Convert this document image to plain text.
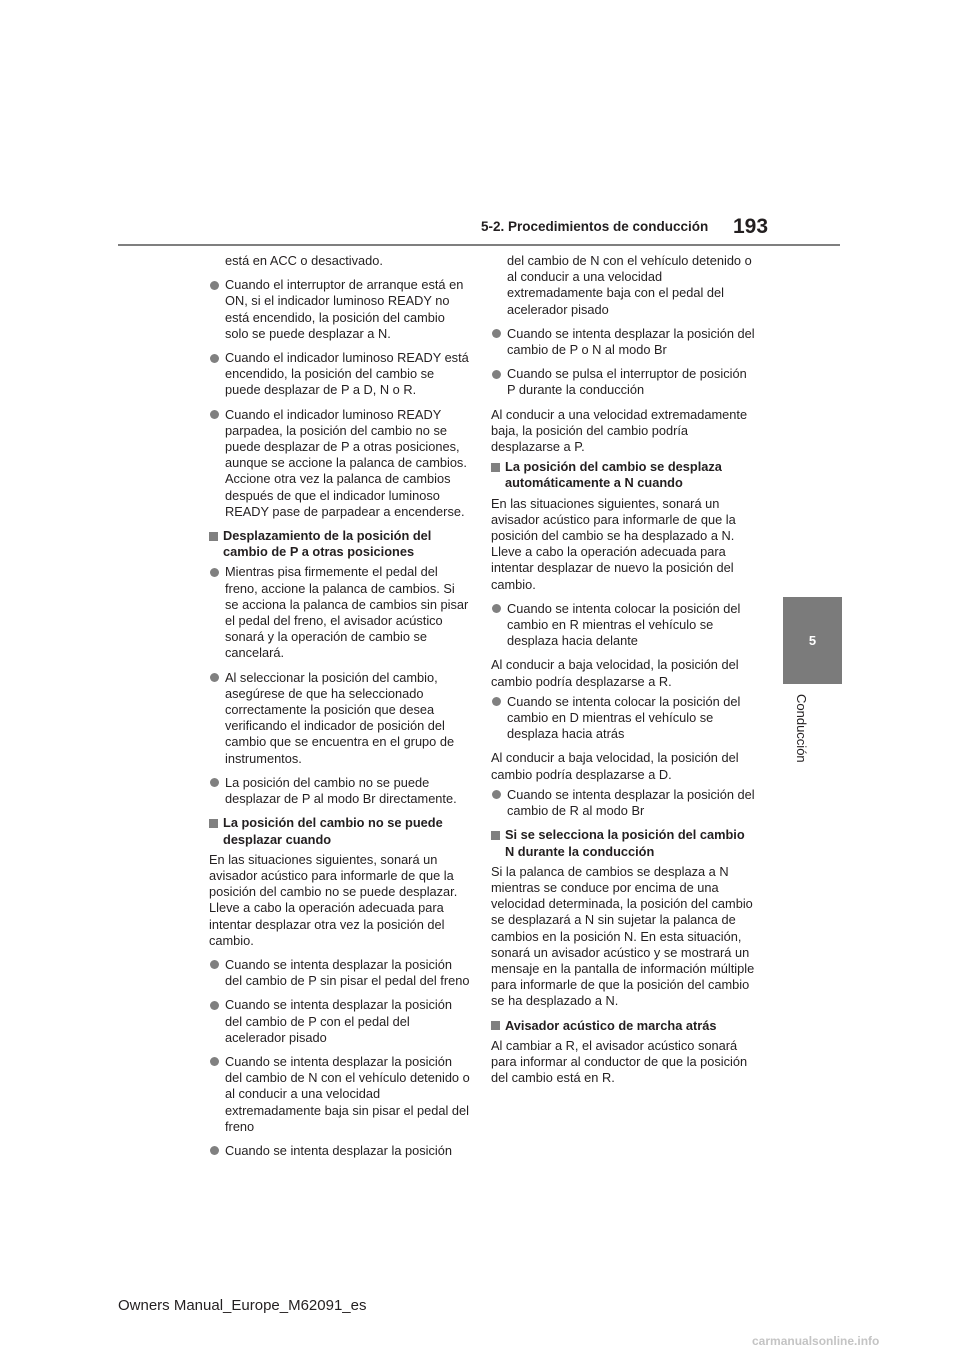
5-2. Procedimientos de conducción 193
5
Conducción
está en ACC o desactivado.
Cuando el interruptor de arranque está en ON, si el indicador luminoso READY no está encendido, la posición del cambio solo se puede desplazar a N.
Cuando el indicador luminoso READY está encendido, la posición del cambio se puede desplazar de P a D, N o R.
Cuando el indicador luminoso READY parpadea, la posición del cambio no se puede desplazar de P a otras posiciones, aunque se accione la palanca de cambios. Accione otra vez la palanca de cambios después de que el indicador luminoso READY pase de parpadear a encenderse.
Desplazamiento de la posición del cambio de P a otras posiciones
Mientras pisa firmemente el pedal del freno, accione la palanca de cambios. Si se acciona la palanca de cambios sin pisar el pedal del freno, el avisador acústico sonará y la operación de cambio se cancelará.
Al seleccionar la posición del cambio, asegúrese de que ha seleccionado correctamente la posición que desea verificando el indicador de posición del cambio que se encuentra en el grupo de instrumentos.
La posición del cambio no se puede desplazar de P al modo Br directamente.
La posición del cambio no se puede desplazar cuando
En las situaciones siguientes, sonará un avisador acústico para informarle de que la posición del cambio no se puede desplazar. Lleve a cabo la operación adecuada para intentar desplazar otra vez la posición del cambio.
Cuando se intenta desplazar la posición del cambio de P sin pisar el pedal del freno
Cuando se intenta desplazar la posición del cambio de P con el pedal del acelerador pisado
Cuando se intenta desplazar la posición del cambio de N con el vehículo detenido o al conducir a una velocidad extremadamente baja sin pisar el pedal del freno
Cuando se intenta desplazar la posición
del cambio de N con el vehículo detenido o al conducir a una velocidad extremadamente baja con el pedal del acelerador pisado
Cuando se intenta desplazar la posición del cambio de P o N al modo Br
Cuando se pulsa el interruptor de posición P durante la conducción
Al conducir a una velocidad extremadamente baja, la posición del cambio podría desplazarse a P.
La posición del cambio se desplaza automáticamente a N cuando
En las situaciones siguientes, sonará un avisador acústico para informarle de que la posición del cambio se ha desplazado a N. Lleve a cabo la operación adecuada para intentar desplazar de nuevo la posición del cambio.
Cuando se intenta colocar la posición del cambio en R mientras el vehículo se desplaza hacia delante
Al conducir a baja velocidad, la posición del cambio podría desplazarse a R.
Cuando se intenta colocar la posición del cambio en D mientras el vehículo se desplaza hacia atrás
Al conducir a baja velocidad, la posición del cambio podría desplazarse a D.
Cuando se intenta desplazar la posición del cambio de R al modo Br
Si se selecciona la posición del cambio N durante la conducción
Si la palanca de cambios se desplaza a N mientras se conduce por encima de una velocidad determinada, la posición del cambio se desplazará a N sin sujetar la palanca de cambios en la posición N. En esta situación, sonará un avisador acústico y se mostrará un mensaje en la pantalla de información múltiple para informarle de que la posición del cambio se ha desplazado a N.
Avisador acústico de marcha atrás
Al cambiar a R, el avisador acústico sonará para informar al conductor de que la posición del cambio está en R.
Owners Manual_Europe_M62091_es
carmanualsonline.info
